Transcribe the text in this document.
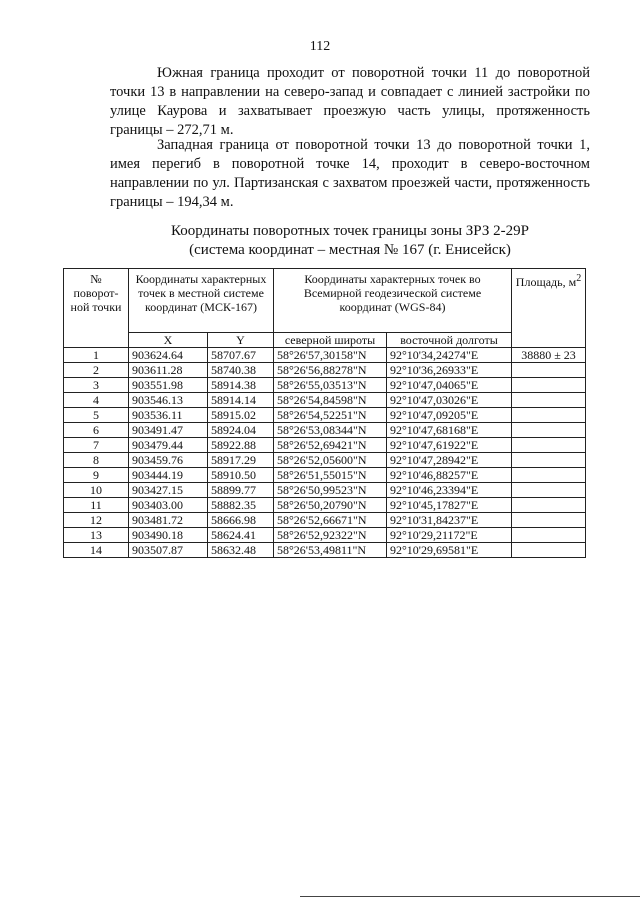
112

Южная граница проходит от поворотной точки 11 до поворотной точки 13 в направлении на северо-запад и совпадает с линией застройки по улице Каурова и захватывает проезжую часть улицы, протяженность границы – 272,71 м.

Западная граница от поворотной точки 13 до поворотной точки 1, имея перегиб в поворотной точке 14, проходит в северо-восточном направлении по ул. Партизанская с захватом проезжей части, протяженность границы – 194,34 м.

Координаты поворотных точек границы зоны ЗРЗ 2-29Р
(система координат – местная № 167 (г. Енисейск)
№ поворот- ной точки	Координаты характерных точек в местной системе координат (МСК-167)		Координаты характерных точек во Всемирной геодезической системе координат (WGS-84)		Площадь, $м^2$
	X	Y	северной широты	восточной долготы	
1	903624.64	58707.67	58°26'57,30158"N	92°10'34,24274"E	38880 ± 23
2	903611.28	58740.38	58°26'56,88278"N	92°10'36,26933"E	
3	903551.98	58914.38	58°26'55,03513"N	92°10'47,04065"E	
4	903546.13	58914.14	58°26'54,84598"N	92°10'47,03026"E	
5	903536.11	58915.02	58°26'54,52251"N	92°10'47,09205"E	
6	903491.47	58924.04	58°26'53,08344"N	92°10'47,68168"E	
7	903479.44	58922.88	58°26'52,69421"N	92°10'47,61922"E	
8	903459.76	58917.29	58°26'52,05600"N	92°10'47,28942"E	
9	903444.19	58910.50	58°26'51,55015"N	92°10'46,88257"E	
10	903427.15	58899.77	58°26'50,99523"N	92°10'46,23394"E	
11	903403.00	58882.35	58°26'50,20790"N	92°10'45,17827"E	
12	903481.72	58666.98	58°26'52,66671"N	92°10'31,84237"E	
13	903490.18	58624.41	58°26'52,92322"N	92°10'29,21172"E	
14	903507.87	58632.48	58°26'53,49811"N	92°10'29,69581"E	
